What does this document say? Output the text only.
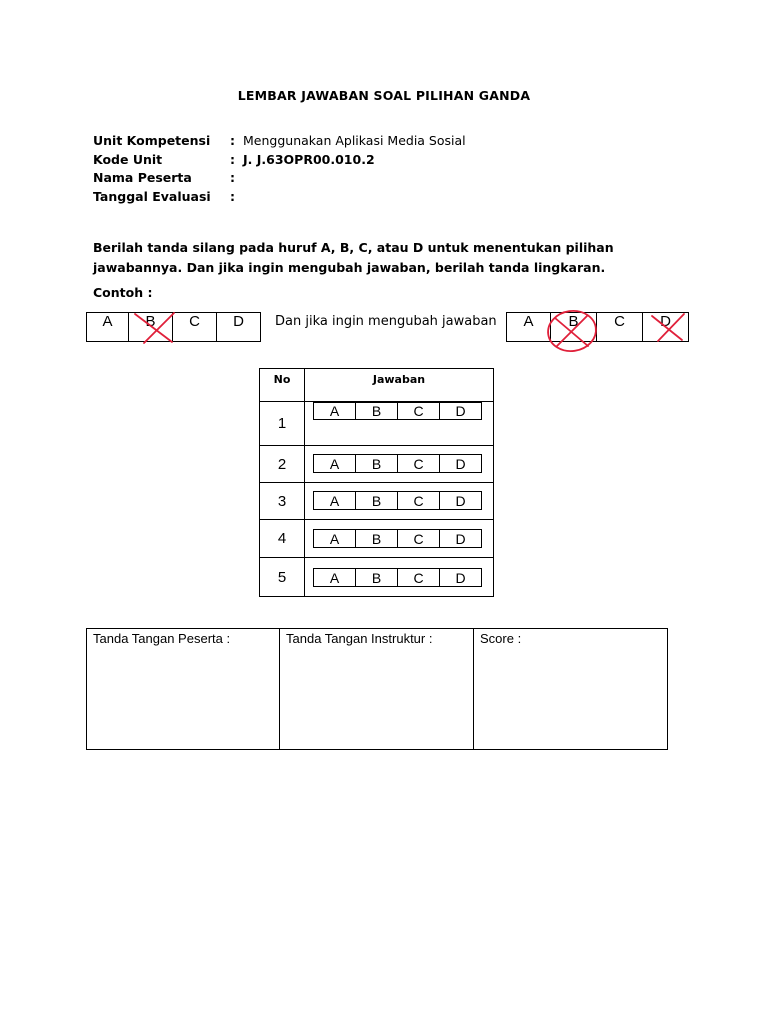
LEMBAR JAWABAN SOAL PILIHAN GANDA
Unit Kompetensi : Menggunakan Aplikasi Media Sosial
Kode Unit	: J. J.63OPR00.010.2
Nama Peserta	:
Tanggal Evaluasi :
Berilah tanda silang pada huruf A, B, C, atau D untuk menentukan pilihan jawabannya. Dan jika ingin mengubah jawaban, berilah tanda lingkaran.
Contoh :
A B C D Dan jika ingin mengubah jawaban A B C D
No	Jawaban
1	A B C D

2	A B C D

3	A B C D

4	A B C D

5	A B C D
Tanda Tangan Peserta :	Tanda Tangan Instruktur :	Score :
